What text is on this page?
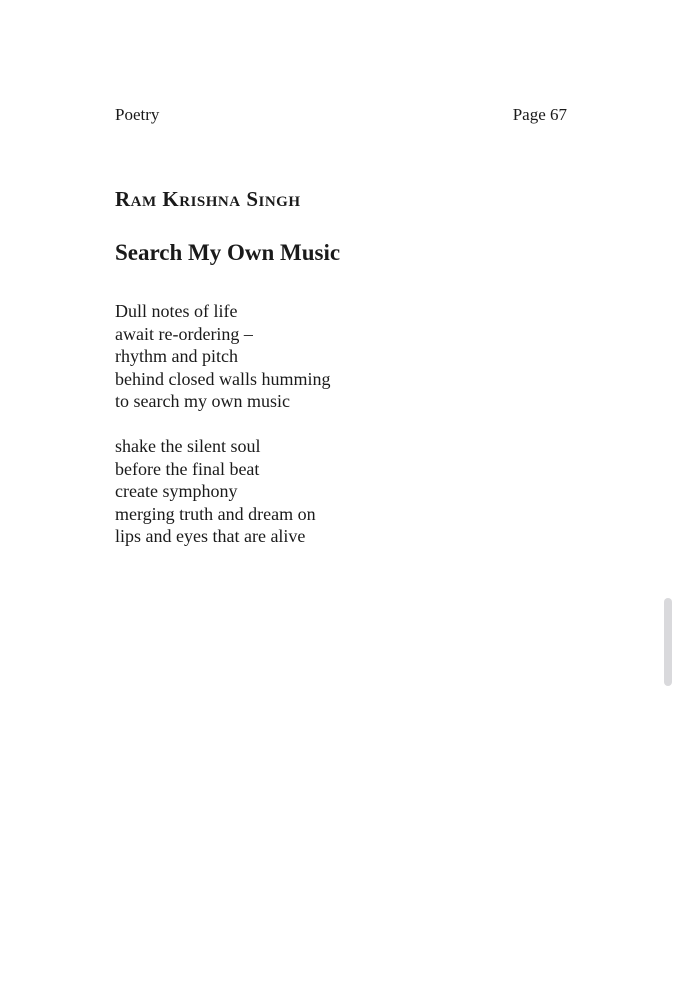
Poetry	Page 67
Ram Krishna Singh
Search My Own Music
Dull notes of life
await re-ordering –
rhythm and pitch
behind closed walls humming
to search my own music
shake the silent soul
before the final beat
create symphony
merging truth and dream on
lips and eyes that are alive
